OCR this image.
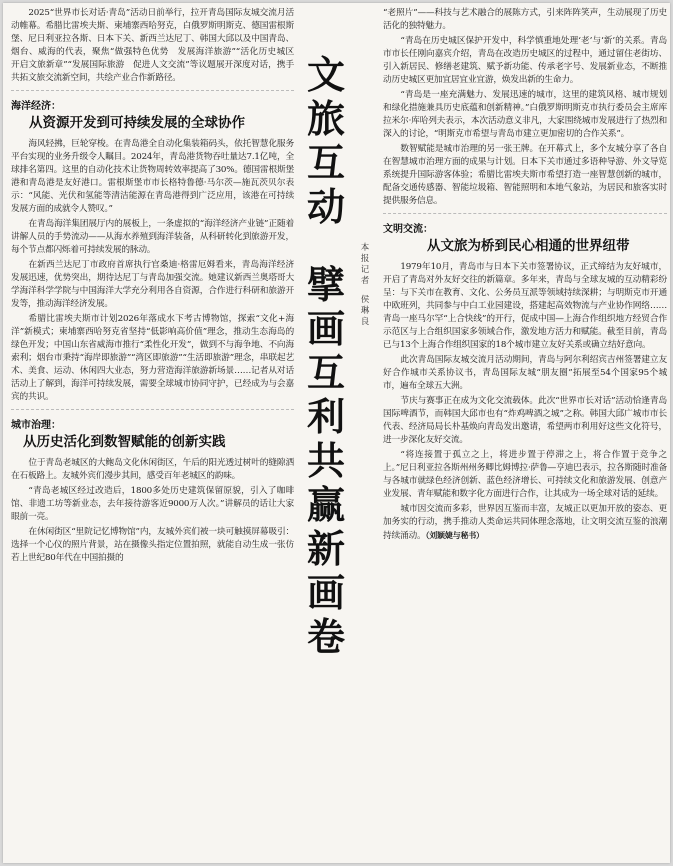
2025“世界市长对话·青岛”活动日前举行，拉开青岛国际友城交流月活动帷幕。希腊比雷埃夫斯、柬埔寨西哈努克，白俄罗斯明斯克、德国雷根斯堡、尼日利亚拉各斯、日本下关、新西兰达尼丁、韩国大邱以及中国青岛、烟台、威海的代表，聚焦“做强特色优势　发展海洋旅游”“活化历史城区　开启文旅新章”“发展国际旅游　促进人文交流”等议题展开深度对话，携手共拓文旅交流新空间，共绘产业合作新路径。

海洋经济：
从资源开发到可持续发展的全球协作

海风轻拂，巨轮穿梭。在青岛港全自动化集装箱码头，依托智慧化服务平台实现的业务升级令人瞩目。2024年，青岛港货物吞吐量达7.1亿吨，全球排名第四。这里的自动化技术让货物周转效率提高了30%。德国雷根斯堡港和青岛港是友好港口。雷根斯堡市市长格特鲁德·马尔茨—施瓦茨贝尔表示：“风能、光伏和氢能等清洁能源在青岛港得到广泛应用，该港在可持续发展方面的成就令人赞叹。”

在青岛海洋集团展厅内的展板上，一条虚拟的“海洋经济产业链”正随着讲解人员的手势流动——从海水养殖到海洋装备，从科研转化到旅游开发，每个节点都闪烁着可持续发展的脉动。

在新西兰达尼丁市政府首席执行官桑迪·格雷厄姆看来，青岛海洋经济发展迅速，优势突出，期待达尼丁与青岛加强交流。她建议新西兰奥塔哥大学海洋科学学院与中国海洋大学充分利用各自资源，合作进行科研和旅游开发等，推动海洋经济发展。

希腊比雷埃夫斯市计划2026年落成水下考古博物馆，探索“文化+海洋”新模式；柬埔寨西哈努克省坚持“低影响高价值”理念，推动生态海岛的绿色开发；中国山东省威海市推行“柔性化开发”，做到不与海争地、不向海索利；烟台市秉持“海岸即旅游”“湾区即旅游”“生活即旅游”理念，串联起艺术、美食、运动、休闲四大业态，努力营造海洋旅游新场景……记者从对话活动上了解到，海洋可持续发展，需要全球城市协同守护，已经成为与会嘉宾的共识。

城市治理：
从历史活化到数智赋能的创新实践

位于青岛老城区的大鲍岛文化休闲街区，午后的阳光透过树叶的缝隙洒在石板路上。友城外宾们漫步其间，感受百年老城区的韵味。

“青岛老城区经过改造后，1800多处历史建筑保留原貌，引入了咖啡馆、非遗工坊等新业态，去年接待游客近9000万人次。”讲解员的话让大家眼前一亮。

在休闲街区“里院记忆博物馆”内，友城外宾们被一块可触摸屏幕吸引：选择一个心仪的照片背景，站在摄像头指定位置拍照，就能自动生成一张仿若上世纪80年代在中国拍摄的

文
旅
互
动
擘
画
互
利
共
赢
新
画
卷
本
报
记
者
侯
琳
良

“老照片”——科技与艺术融合的展陈方式，引来阵阵笑声，生动展现了历史活化的独特魅力。

“青岛在历史城区保护开发中，科学慎重地处理‘老’与‘新’的关系。青岛市市长任刚向嘉宾介绍，青岛在改造历史城区的过程中，通过留住老街坊、引入新居民、修缮老建筑、赋予新功能、传承老字号、发展新业态，不断推动历史城区更加宜居宜业宜游，焕发出新的生命力。

“青岛是一座充满魅力、发展迅速的城市，这里的建筑风格、城市规划和绿化措施兼具历史底蕴和创新精神。”白俄罗斯明斯克市执行委员会主席库拉米尔·库哈列夫表示，本次活动意义非凡，大家围绕城市发展进行了热烈和深入的讨论，“明斯克市希望与青岛市建立更加密切的合作关系”。

数智赋能是城市治理的另一张王牌。在开幕式上，多个友城分享了各自在智慧城市治理方面的成果与计划。日本下关市通过多语种导游、外文导览系统提升国际游客体验；希腊比雷埃夫斯市希望打造一座智慧创新的城市，配备交通传感器、智能垃圾箱、智能照明和本地气象站，为居民和旅客实时提供服务信息。

文明交流：
从文旅为桥到民心相通的世界纽带

1979年10月，青岛市与日本下关市签署协议，正式缔结为友好城市，开启了青岛对外友好交往的新篇章。多年来，青岛与全球友城的互动精彩纷呈：与下关市在教育、文化、公务员互派等领域持续深耕；与明斯克市开通中欧班列，共同参与中白工业园建设，搭建起高效物流与产业协作网络……青岛一座马尔罕“上合快线”的开行，促成中国—上海合作组织地方经贸合作示范区与上合组织国家多领域合作，激发地方活力和赋能。截至目前，青岛已与13个上海合作组织国家的18个城市建立友好关系或确立结好意向。

此次青岛国际友城交流月活动期间，青岛与阿尔利绍宾吉州签署建立友好合作城市关系协议书，青岛国际友城“朋友圈”拓展至54个国家95个城市，遍布全球五大洲。

节庆与赛事正在成为文化交流载体。此次“世界市长对话”活动恰逢青岛国际啤酒节，而韩国大邱市也有“炸鸡啤酒之城”之称。韩国大邱广城市市长代表、经济局局长朴基焕向青岛发出邀请，希望两市利用好这些文化符号，进一步深化友好交流。

“将连接置于孤立之上，将进步置于停滞之上，将合作置于竞争之上。”尼日利亚拉各斯州州务卿比姆博拉·萨鲁—亨迪巴表示，拉各斯随时准备与各城市就绿色经济创新、蓝色经济增长、可持续文化和旅游发展、创意产业发展、青年赋能和数字化方面进行合作，让其成为一场全球对话的延续。

城市因交流而多彩，世界因互鉴而丰富，友城正以更加开放的姿态、更加务实的行动，携手推动人类命运共同体理念落地，让文明交流互鉴的浪潮持续涌动。（刘颖婕与秘书）
